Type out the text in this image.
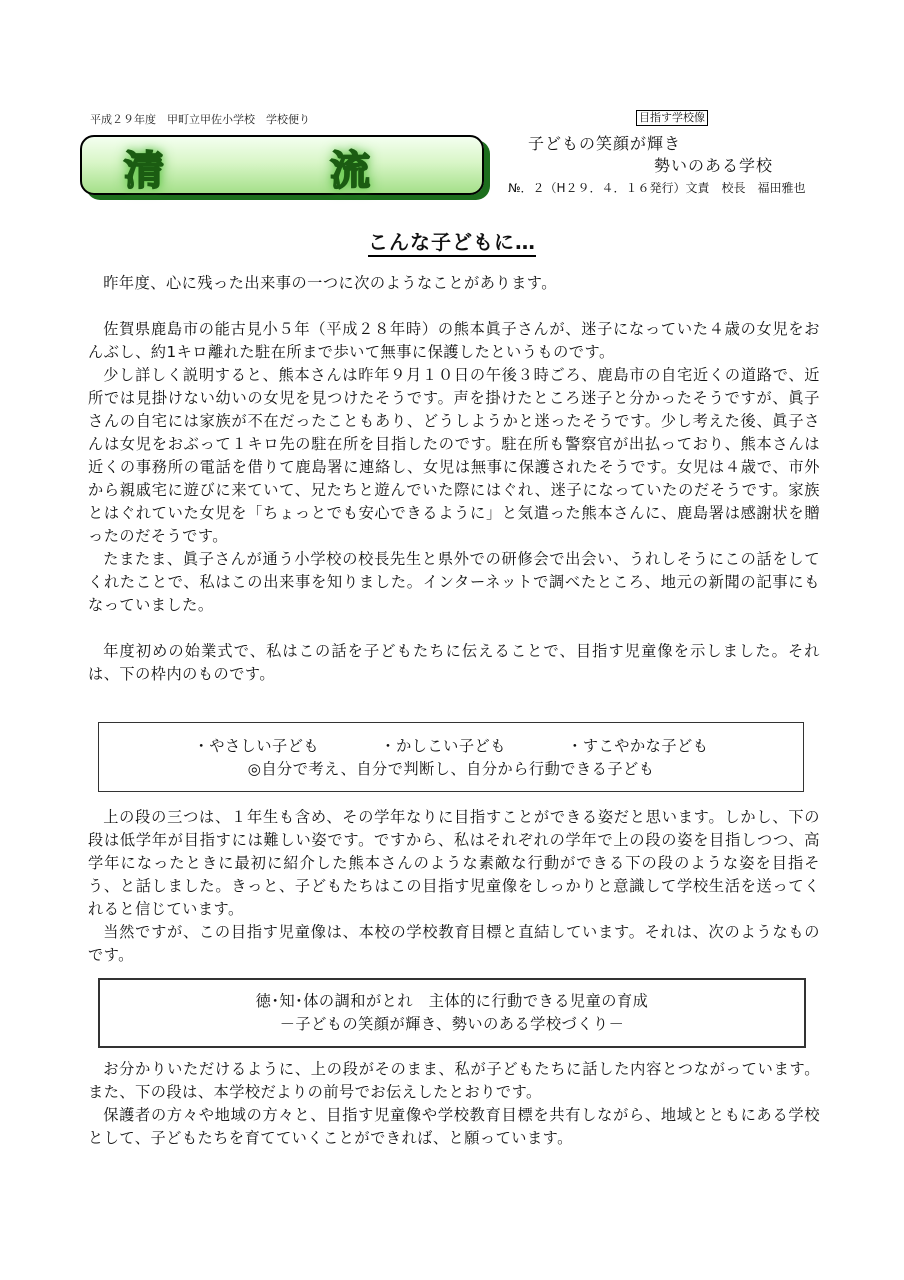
平成２９年度　甲町立甲佐小学校　学校便り
清	流
目指す学校像
子どもの笑顔が輝き
勢いのある学校
№．２（H２９．４．１６発行）文責　校長　福田雅也
こんな子どもに…

昨年度、心に残った出来事の一つに次のようなことがあります。

佐賀県鹿島市の能古見小５年（平成２８年時）の熊本眞子さんが、迷子になっていた４歳の女児をおんぶし、約1キロ離れた駐在所まで歩いて無事に保護したというものです。

少し詳しく説明すると、熊本さんは昨年９月１０日の午後３時ごろ、鹿島市の自宅近くの道路で、近所では見掛けない幼いの女児を見つけたそうです。声を掛けたところ迷子と分かったそうですが、眞子さんの自宅には家族が不在だったこともあり、どうしようかと迷ったそうです。少し考えた後、眞子さんは女児をおぶって１キロ先の駐在所を目指したのです。駐在所も警察官が出払っており、熊本さんは近くの事務所の電話を借りて鹿島署に連絡し、女児は無事に保護されたそうです。女児は４歳で、市外から親戚宅に遊びに来ていて、兄たちと遊んでいた際にはぐれ、迷子になっていたのだそうです。家族とはぐれていた女児を「ちょっとでも安心できるように」と気遣った熊本さんに、鹿島署は感謝状を贈ったのだそうです。

たまたま、眞子さんが通う小学校の校長先生と県外での研修会で出会い、うれしそうにこの話をしてくれたことで、私はこの出来事を知りました。インターネットで調べたところ、地元の新聞の記事にもなっていました。

年度初めの始業式で、私はこの話を子どもたちに伝えることで、目指す児童像を示しました。それは、下の枠内のものです。

・やさしい子ども	・かしこい子ども	・すこやかな子ども
◎自分で考え、自分で判断し、自分から行動できる子ども

上の段の三つは、１年生も含め、その学年なりに目指すことができる姿だと思います。しかし、下の段は低学年が目指すには難しい姿です。ですから、私はそれぞれの学年で上の段の姿を目指しつつ、高学年になったときに最初に紹介した熊本さんのような素敵な行動ができる下の段のような姿を目指そう、と話しました。きっと、子どもたちはこの目指す児童像をしっかりと意識して学校生活を送ってくれると信じています。

当然ですが、この目指す児童像は、本校の学校教育目標と直結しています。それは、次のようなものです。

徳･知･体の調和がとれ　主体的に行動できる児童の育成
－子どもの笑顔が輝き、勢いのある学校づくり－

お分かりいただけるように、上の段がそのまま、私が子どもたちに話した内容とつながっています。また、下の段は、本学校だよりの前号でお伝えしたとおりです。

保護者の方々や地域の方々と、目指す児童像や学校教育目標を共有しながら、地域とともにある学校として、子どもたちを育てていくことができれば、と願っています。
